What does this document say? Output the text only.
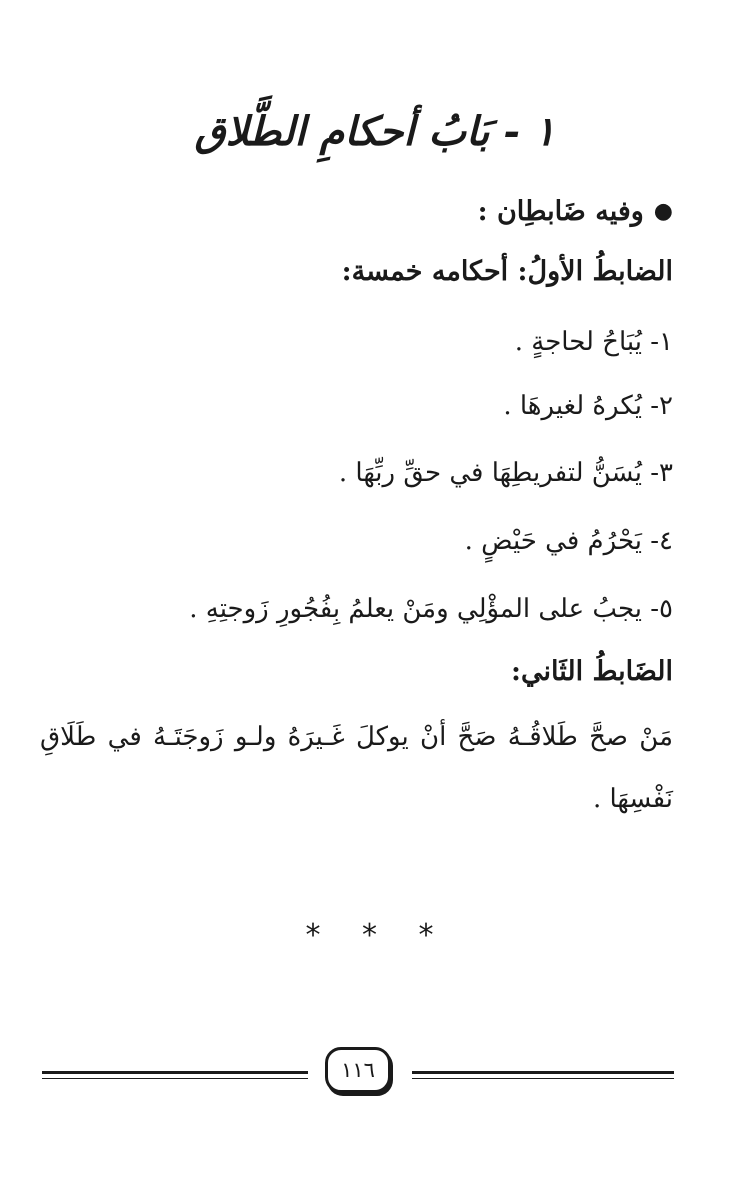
١ - بَابُ أحكامِ الطَّلاق
●وفيه ضَابطِان :
الضابطُ الأولُ: أحكامه خمسة:
١- يُبَاحُ لحاجةٍ .
٢- يُكرهُ لغيرهَا .
٣- يُسَنُّ لتفريطِهَا في حقِّ ربِّهَا .
٤- يَحْرُمُ في حَيْضٍ .
٥- يجبُ على المؤْلِي ومَنْ يعلمُ بِفُجُورِ زَوجتِهِ .
الضَابطُ الثَاني:
مَنْ صحَّ طَلاقُـهُ صَحَّ أنْ يوكلَ غَـيرَهُ ولـو زَوجَتَـهُ في طَلَاقِ
نَفْسِهَا .
* * *
١١٦
